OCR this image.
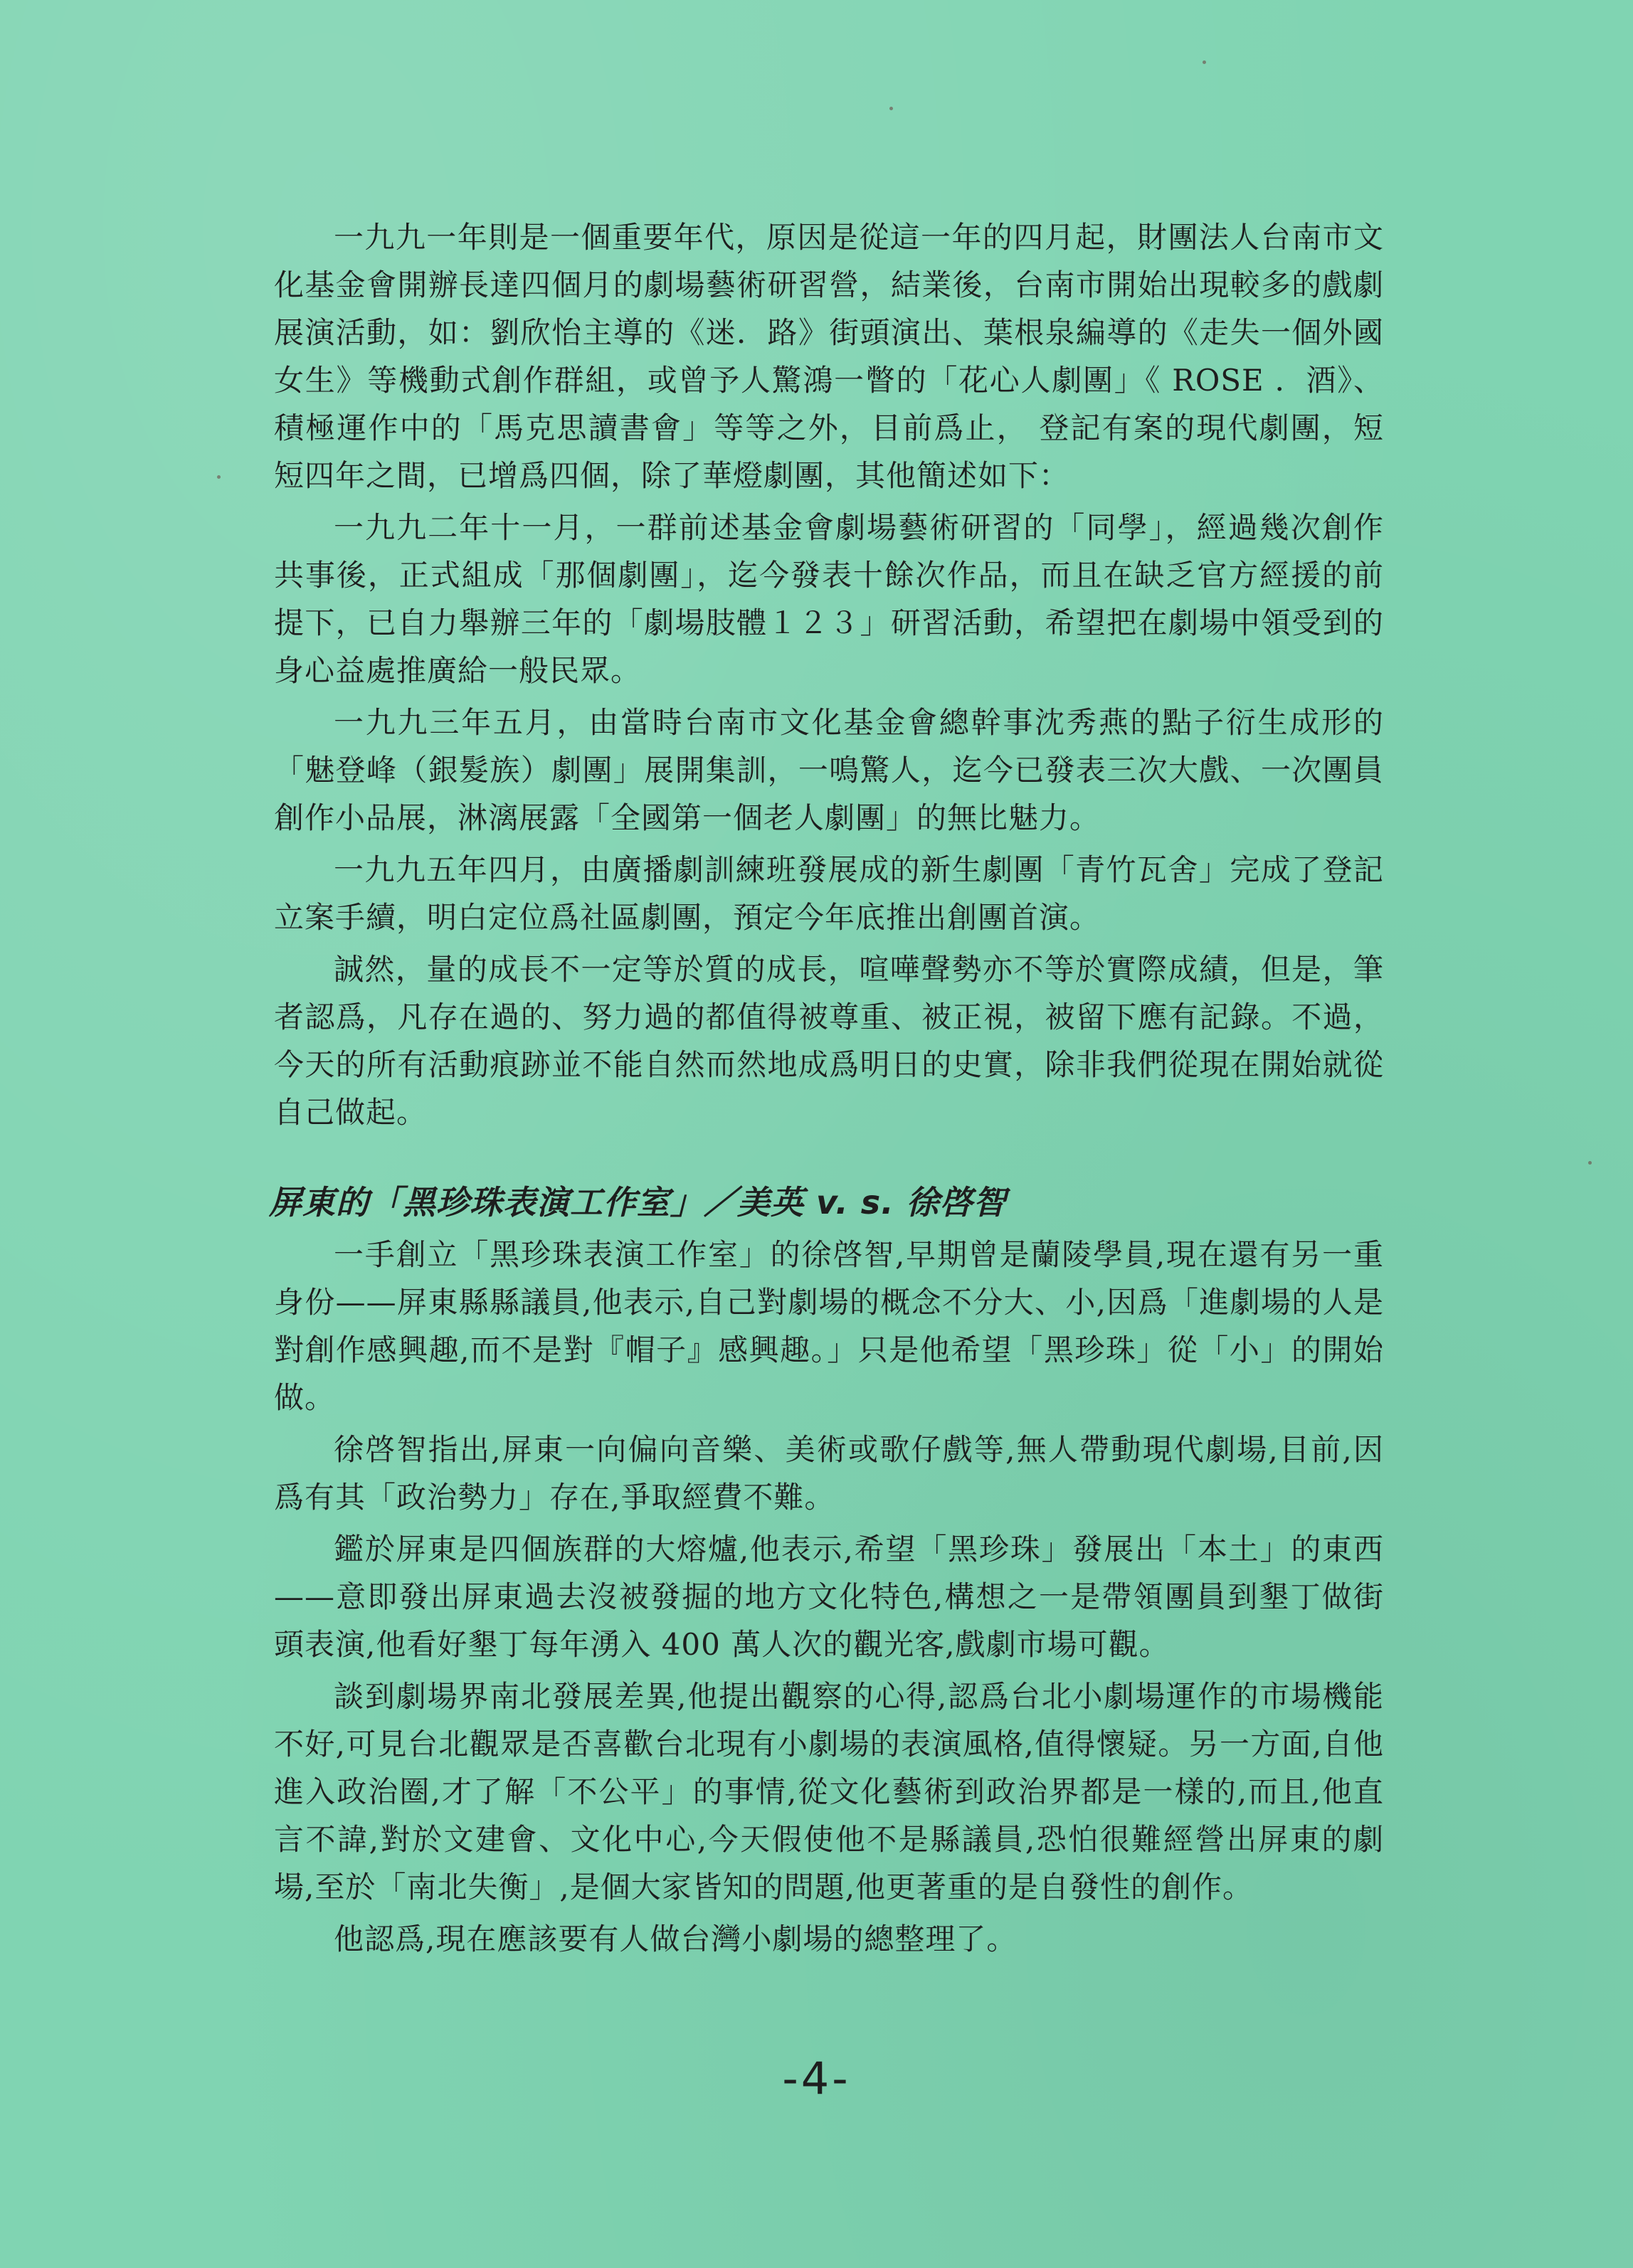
一九九一年則是一個重要年代，原因是從這一年的四月起，財團法人台南市文化基金會開辦長達四個月的劇場藝術研習營，結業後，台南市開始出現較多的戲劇展演活動，如：劉欣怡主導的《迷．路》街頭演出、葉根泉編導的《走失一個外國女生》等機動式創作群組，或曾予人驚鴻一瞥的「花心人劇團」《 ROSE ．酒》、積極運作中的「馬克思讀書會」等等之外，目前爲止， 登記有案的現代劇團，短短四年之間，已增爲四個，除了華燈劇團，其他簡述如下：

一九九二年十一月，一群前述基金會劇場藝術研習的「同學」，經過幾次創作共事後，正式組成「那個劇團」，迄今發表十餘次作品，而且在缺乏官方經援的前提下，已自力舉辦三年的「劇場肢體１２３」研習活動，希望把在劇場中領受到的身心益處推廣給一般民眾。

一九九三年五月，由當時台南市文化基金會總幹事沈秀燕的點子衍生成形的「魅登峰（銀髮族）劇團」展開集訓，一鳴驚人，迄今已發表三次大戲、一次團員創作小品展，淋漓展露「全國第一個老人劇團」的無比魅力。

一九九五年四月，由廣播劇訓練班發展成的新生劇團「青竹瓦舍」完成了登記立案手續，明白定位爲社區劇團，預定今年底推出創團首演。

誠然，量的成長不一定等於質的成長，喧嘩聲勢亦不等於實際成績，但是，筆者認爲，凡存在過的、努力過的都值得被尊重、被正視，被留下應有記錄。不過，今天的所有活動痕跡並不能自然而然地成爲明日的史實，除非我們從現在開始就從自己做起。

屏東的「黑珍珠表演工作室」／美英 v. s. 徐啓智

一手創立「黑珍珠表演工作室」的徐啓智,早期曾是蘭陵學員,現在還有另一重身份——屏東縣縣議員,他表示,自己對劇場的概念不分大、小,因爲「進劇場的人是對創作感興趣,而不是對『帽子』感興趣。」只是他希望「黑珍珠」從「小」的開始做。

徐啓智指出,屏東一向偏向音樂、美術或歌仔戲等,無人帶動現代劇場,目前,因爲有其「政治勢力」存在,爭取經費不難。

鑑於屏東是四個族群的大熔爐,他表示,希望「黑珍珠」發展出「本土」的東西——意即發出屏東過去沒被發掘的地方文化特色,構想之一是帶領團員到墾丁做街頭表演,他看好墾丁每年湧入 400 萬人次的觀光客,戲劇市場可觀。

談到劇場界南北發展差異,他提出觀察的心得,認爲台北小劇場運作的市場機能不好,可見台北觀眾是否喜歡台北現有小劇場的表演風格,值得懷疑。另一方面,自他進入政治圈,才了解「不公平」的事情,從文化藝術到政治界都是一樣的,而且,他直言不諱,對於文建會、文化中心,今天假使他不是縣議員,恐怕很難經營出屏東的劇場,至於「南北失衡」,是個大家皆知的問題,他更著重的是自發性的創作。

他認爲,現在應該要有人做台灣小劇場的總整理了。

-4-
